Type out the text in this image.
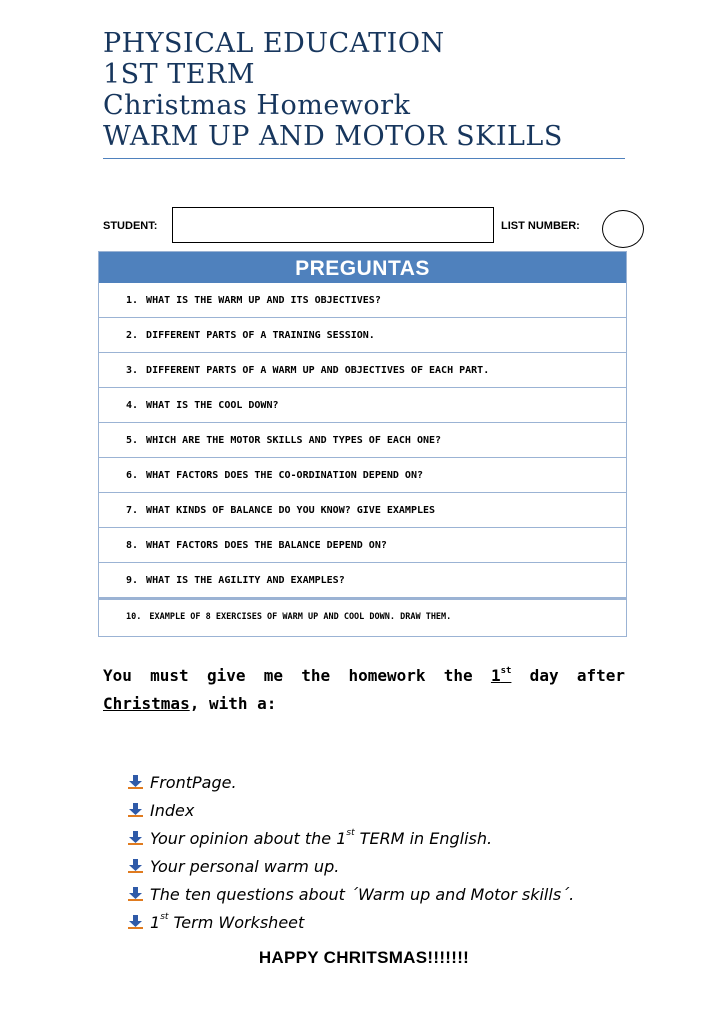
PHYSICAL EDUCATION
1ST TERM
Christmas Homework
WARM UP AND MOTOR SKILLS
STUDENT:	LIST NUMBER:
PREGUNTAS
1. WHAT IS THE WARM UP AND ITS OBJECTIVES?
2. DIFFERENT PARTS OF A TRAINING SESSION.
3. DIFFERENT PARTS OF A WARM UP AND OBJECTIVES OF EACH PART.
4. WHAT IS THE COOL DOWN?
5. WHICH ARE THE MOTOR SKILLS AND TYPES OF EACH ONE?
6. WHAT FACTORS DOES THE CO-ORDINATION DEPEND ON?
7. WHAT KINDS OF BALANCE DO YOU KNOW? GIVE EXAMPLES
8. WHAT FACTORS DOES THE BALANCE DEPEND ON?
9. WHAT IS THE AGILITY AND EXAMPLES?
10. EXAMPLE OF 8 EXERCISES OF WARM UP AND COOL DOWN. DRAW THEM.
You must give me the homework the 1st day after Christmas, with a:
FrontPage.
Index
Your opinion about the 1st TERM in English.
Your personal warm up.
The ten questions about ´Warm up and Motor skills´.
1st Term Worksheet
HAPPY CHRITSMAS!!!!!!!
